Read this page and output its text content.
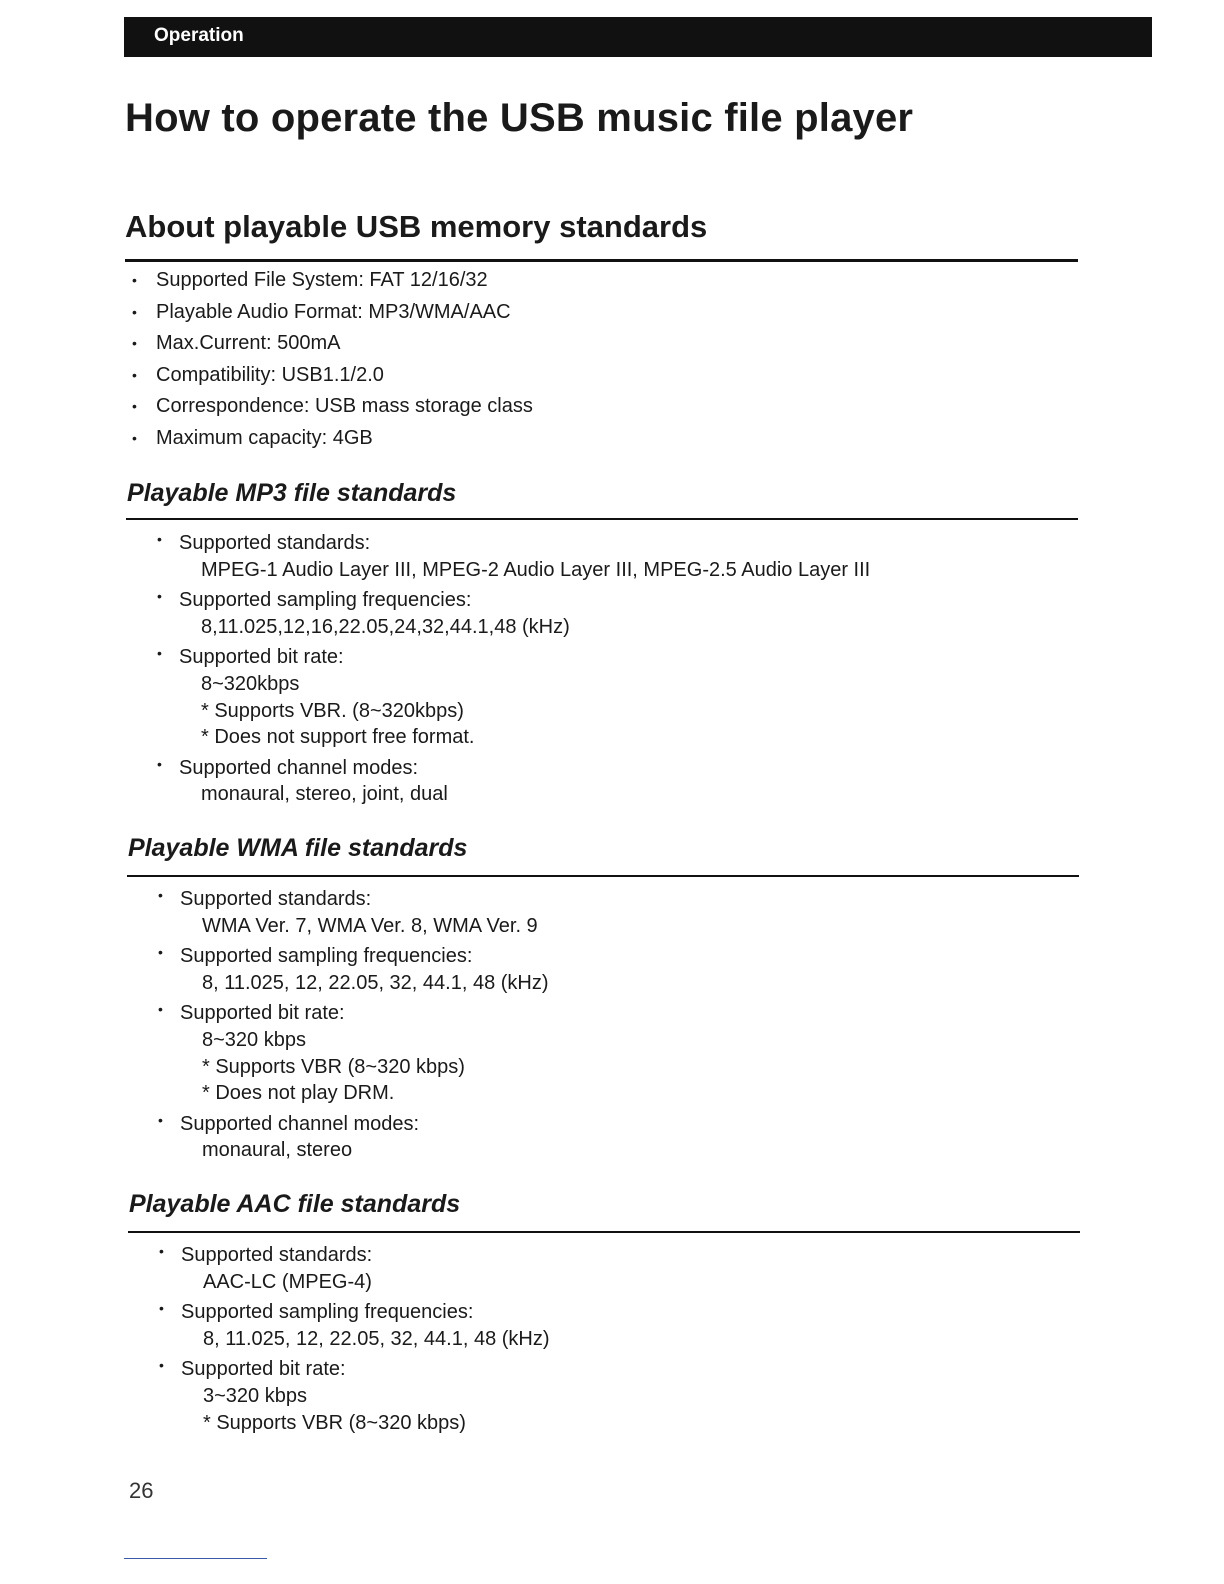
Operation
How to operate the USB music file player
About playable USB memory standards
• Supported File System: FAT 12/16/32
• Playable Audio Format: MP3/WMA/AAC
• Max.Current: 500mA
• Compatibility: USB1.1/2.0
• Correspondence: USB mass storage class
• Maximum capacity: 4GB
Playable MP3 file standards
• Supported standards:
MPEG-1 Audio Layer III, MPEG-2 Audio Layer III, MPEG-2.5 Audio Layer III
• Supported sampling frequencies:
8,11.025,12,16,22.05,24,32,44.1,48 (kHz)
• Supported bit rate:
8~320kbps
* Supports VBR. (8~320kbps)
* Does not support free format.
• Supported channel modes:
monaural, stereo, joint, dual
Playable WMA file standards
• Supported standards:
WMA Ver. 7, WMA Ver. 8, WMA Ver. 9
• Supported sampling frequencies:
8, 11.025, 12, 22.05, 32, 44.1, 48 (kHz)
• Supported bit rate:
8~320 kbps
* Supports VBR (8~320 kbps)
* Does not play DRM.
• Supported channel modes:
monaural, stereo
Playable AAC file standards
• Supported standards:
AAC-LC (MPEG-4)
• Supported sampling frequencies:
8, 11.025, 12, 22.05, 32, 44.1, 48 (kHz)
• Supported bit rate:
3~320 kbps
* Supports VBR (8~320 kbps)
26
